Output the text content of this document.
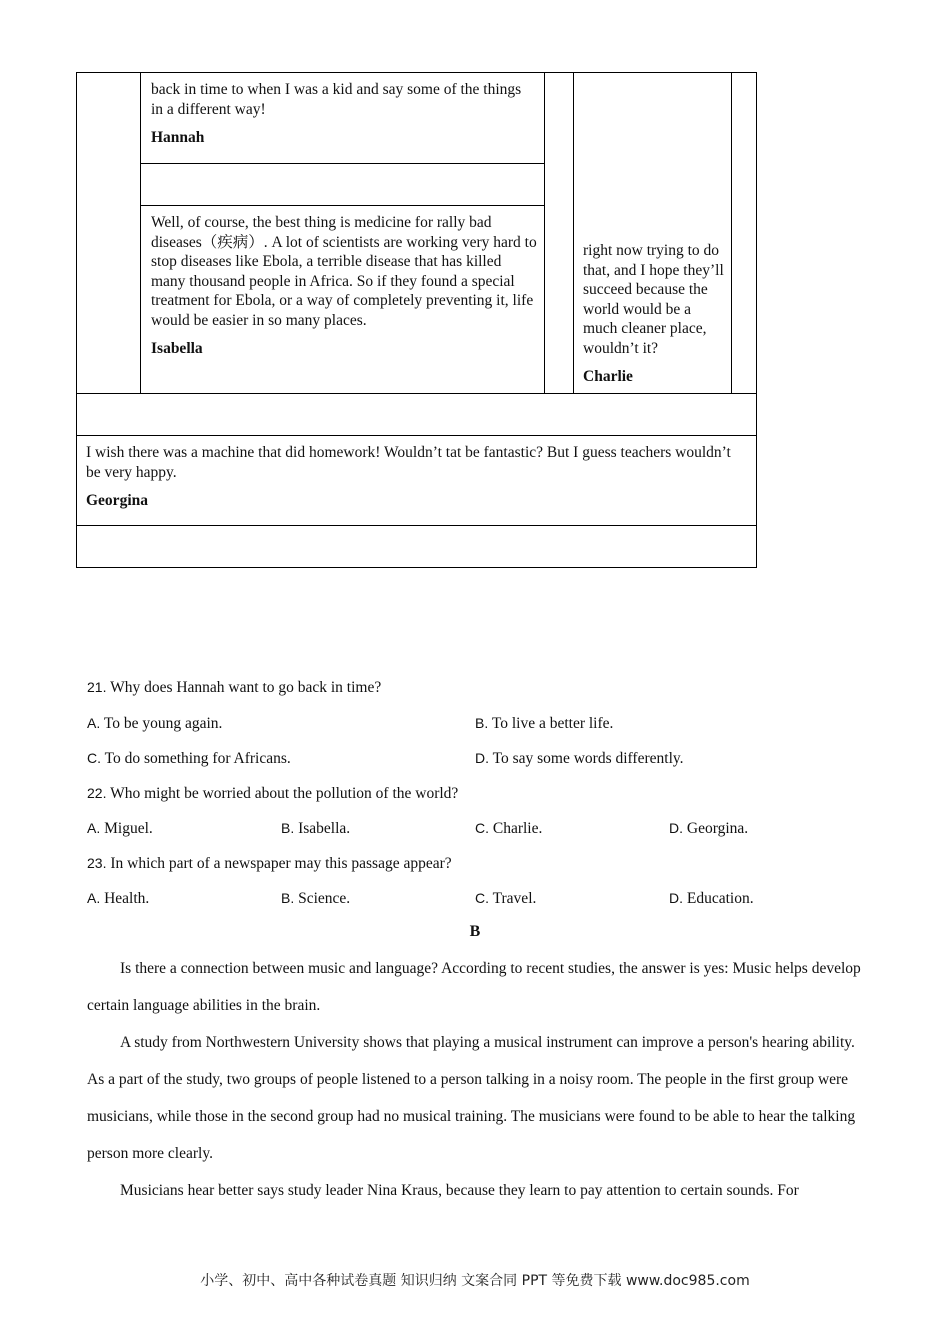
back in time to when I was a kid and say some of the things in a different way!
Hannah
Well, of course, the best thing is medicine for rally bad diseases（疾病）. A lot of scientists are working very hard to stop diseases like Ebola, a terrible disease that has killed many thousand people in Africa. So if they found a special treatment for Ebola, or a way of completely preventing it, life would be easier in so many places.
Isabella
right now trying to do that, and I hope they’ll succeed because the world would be a much cleaner place, wouldn’t it?
Charlie
I wish there was a machine that did homework! Wouldn’t tat be fantastic? But I guess teachers wouldn’t be very happy.
Georgina
21. Why does Hannah want to go back in time?
A. To be young again.	B. To live a better life.
C. To do something for Africans.	D. To say some words differently.
22. Who might be worried about the pollution of the world?
A. Miguel.	B. Isabella.	C. Charlie.	D. Georgina.
23. In which part of a newspaper may this passage appear?
A. Health.	B. Science.	C. Travel.	D. Education.
B

Is there a connection between music and language? According to recent studies, the answer is yes: Music helps develop certain language abilities in the brain.

A study from Northwestern University shows that playing a musical instrument can improve a person's hearing ability. As a part of the study, two groups of people listened to a person talking in a noisy room. The people in the first group were musicians, while those in the second group had no musical training. The musicians were found to be able to hear the talking person more clearly.

Musicians hear better says study leader Nina Kraus, because they learn to pay attention to certain sounds. For

小学、初中、高中各种试卷真题 知识归纳 文案合同 PPT 等免费下载 www.doc985.com
